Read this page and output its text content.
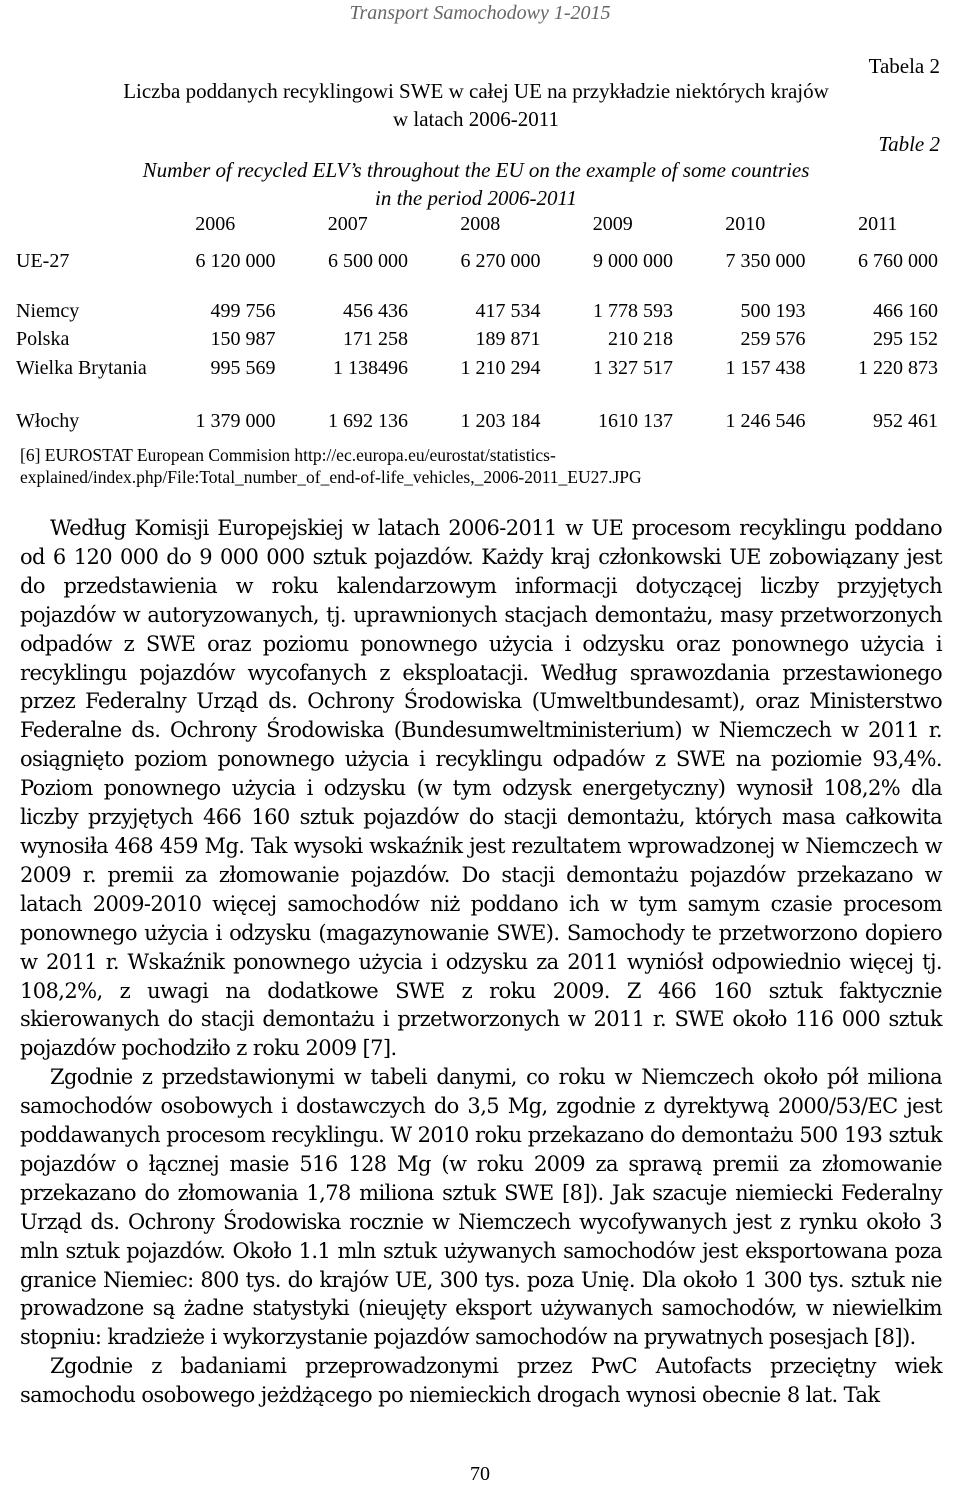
Transport Samochodowy 1-2015
Tabela 2
Liczba poddanych recyklingowi SWE w całej UE na przykładzie niektórych krajów
w latach 2006-2011
Table 2
Number of recycled ELV’s throughout the EU on the example of some countries
in the period 2006-2011
	2006	2007	2008	2009	2010	2011
UE-27	6 120 000	6 500 000	6 270 000	9 000 000	7 350 000	6 760 000

Niemcy	499 756	456 436	417 534	1 778 593	500 193	466 160
Polska	150 987	171 258	189 871	210 218	259 576	295 152
Wielka Brytania	995 569	1 138496	1 210 294	1 327 517	1 157 438	1 220 873
Włochy	1 379 000	1 692 136	1 203 184	1610 137	1 246 546	952 461
[6] EUROSTAT European Commision http://ec.europa.eu/eurostat/statistics-
explained/index.php/File:Total_number_of_end-of-life_vehicles,_2006-2011_EU27.JPG

Według Komisji Europejskiej w latach 2006-2011 w UE procesom recyklingu poddano od 6 120 000 do 9 000 000 sztuk pojazdów. Każdy kraj członkowski UE zobowiązany jest do przedstawienia w roku kalendarzowym informacji dotyczącej liczby przyjętych pojazdów w autoryzowanych, tj. uprawnionych stacjach demontażu, masy przetworzonych odpadów z SWE oraz poziomu ponownego użycia i odzysku oraz ponownego użycia i recyklingu pojazdów wycofanych z eksploatacji. Według sprawozdania przestawionego przez Federalny Urząd ds. Ochrony Środowiska (Umweltbundesamt), oraz Ministerstwo Federalne ds. Ochrony Środowiska (Bundesumweltministerium) w Niemczech w 2011 r. osiągnięto poziom ponownego użycia i recyklingu odpadów z SWE na poziomie 93,4%. Poziom ponownego użycia i odzysku (w tym odzysk energetyczny) wynosił 108,2% dla liczby przyjętych 466 160 sztuk pojazdów do stacji demontażu, których masa całkowita wynosiła 468 459 Mg. Tak wysoki wskaźnik jest rezultatem wprowadzonej w Niemczech w 2009 r. premii za złomowanie pojazdów. Do stacji demontażu pojazdów przekazano w latach 2009-2010 więcej samochodów niż poddano ich w tym samym czasie procesom ponownego użycia i odzysku (magazynowanie SWE). Samochody te przetworzono dopiero w 2011 r. Wskaźnik ponownego użycia i odzysku za 2011 wyniósł odpowiednio więcej tj. 108,2%, z uwagi na dodatkowe SWE z roku 2009. Z 466 160 sztuk faktycznie skierowanych do stacji demontażu i przetworzonych w 2011 r. SWE około 116 000 sztuk pojazdów pochodziło z roku 2009 [7].

Zgodnie z przedstawionymi w tabeli danymi, co roku w Niemczech około pół miliona samochodów osobowych i dostawczych do 3,5 Mg, zgodnie z dyrektywą 2000/53/EC jest poddawanych procesom recyklingu. W 2010 roku przekazano do demontażu 500 193 sztuk pojazdów o łącznej masie 516 128 Mg (w roku 2009 za sprawą premii za złomowanie przekazano do złomowania 1,78 miliona sztuk SWE [8]). Jak szacuje niemiecki Federalny Urząd ds. Ochrony Środowiska rocznie w Niemczech wycofywanych jest z rynku około 3 mln sztuk pojazdów. Około 1.1 mln sztuk używanych samochodów jest eksportowana poza granice Niemiec: 800 tys. do krajów UE, 300 tys. poza Unię. Dla około 1 300 tys. sztuk nie prowadzone są żadne statystyki (nieujęty eksport używanych samochodów, w niewielkim stopniu: kradzieże i wykorzystanie pojazdów samochodów na prywatnych posesjach [8]).

Zgodnie z badaniami przeprowadzonymi przez PwC Autofacts przeciętny wiek samochodu osobowego jeżdżącego po niemieckich drogach wynosi obecnie 8 lat. Tak

70
